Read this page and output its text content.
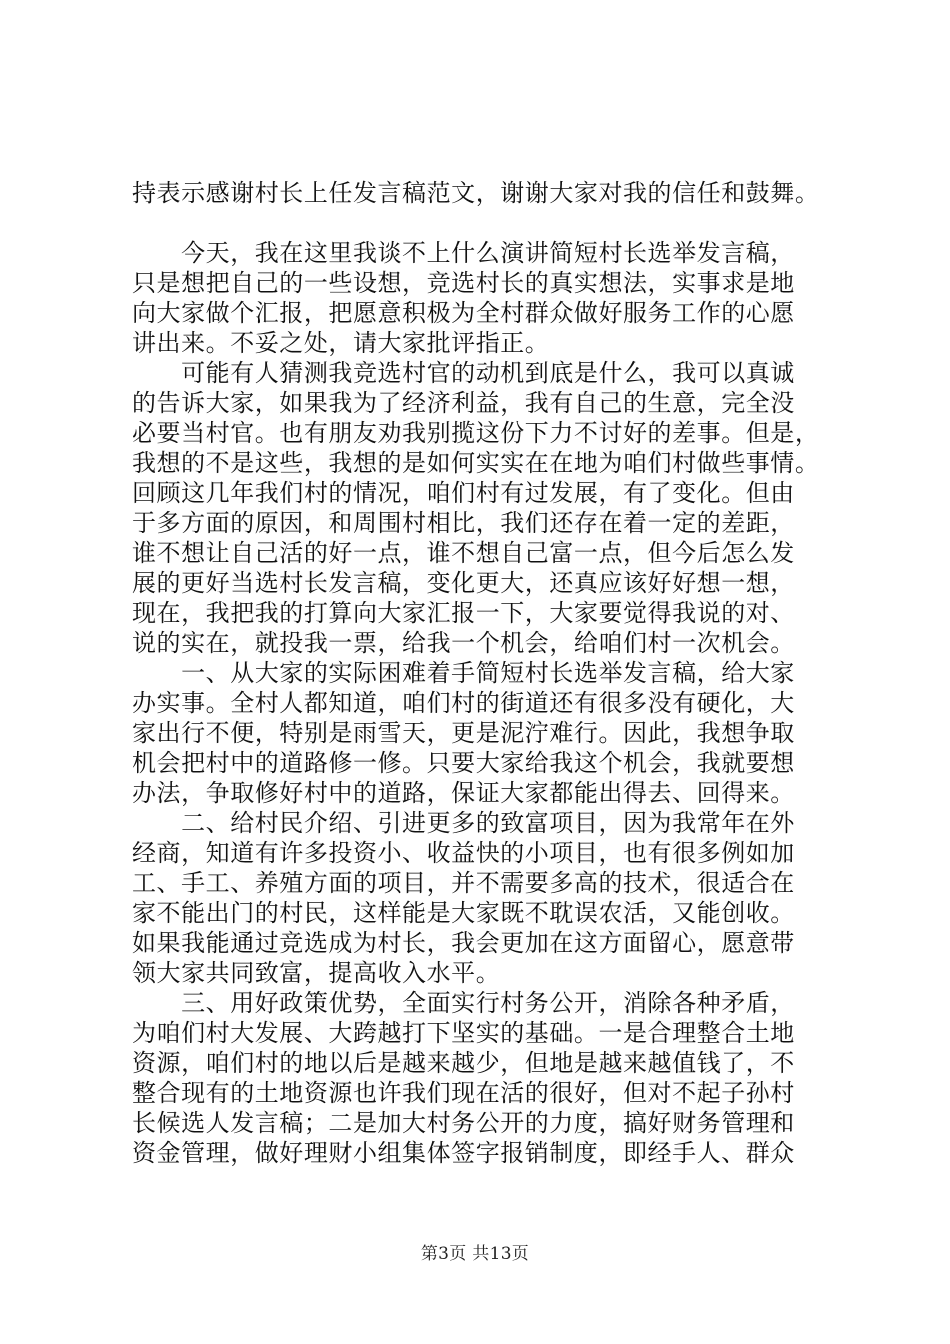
持表示感谢村长上任发言稿范文，谢谢大家对我的信任和鼓舞。
　　今天，我在这里我谈不上什么演讲简短村长选举发言稿，
只是想把自己的一些设想，竞选村长的真实想法，实事求是地
向大家做个汇报，把愿意积极为全村群众做好服务工作的心愿
讲出来。不妥之处，请大家批评指正。
　　可能有人猜测我竞选村官的动机到底是什么，我可以真诚
的告诉大家，如果我为了经济利益，我有自己的生意，完全没
必要当村官。也有朋友劝我别揽这份下力不讨好的差事。但是，
我想的不是这些，我想的是如何实实在在地为咱们村做些事情。
回顾这几年我们村的情况，咱们村有过发展，有了变化。但由
于多方面的原因，和周围村相比，我们还存在着一定的差距，
谁不想让自己活的好一点，谁不想自己富一点，但今后怎么发
展的更好当选村长发言稿，变化更大，还真应该好好想一想，
现在，我把我的打算向大家汇报一下，大家要觉得我说的对、
说的实在，就投我一票，给我一个机会，给咱们村一次机会。
　　一、从大家的实际困难着手简短村长选举发言稿，给大家
办实事。全村人都知道，咱们村的街道还有很多没有硬化，大
家出行不便，特别是雨雪天，更是泥泞难行。因此，我想争取
机会把村中的道路修一修。只要大家给我这个机会，我就要想
办法，争取修好村中的道路，保证大家都能出得去、回得来。
　　二、给村民介绍、引进更多的致富项目，因为我常年在外
经商，知道有许多投资小、收益快的小项目，也有很多例如加
工、手工、养殖方面的项目，并不需要多高的技术，很适合在
家不能出门的村民，这样能是大家既不耽误农活，又能创收。
如果我能通过竞选成为村长，我会更加在这方面留心，愿意带
领大家共同致富，提高收入水平。
　　三、用好政策优势，全面实行村务公开，消除各种矛盾，
为咱们村大发展、大跨越打下坚实的基础。一是合理整合土地
资源，咱们村的地以后是越来越少，但地是越来越值钱了，不
整合现有的土地资源也许我们现在活的很好，但对不起子孙村
长候选人发言稿；二是加大村务公开的力度，搞好财务管理和
资金管理，做好理财小组集体签字报销制度，即经手人、群众
第3页 共13页
